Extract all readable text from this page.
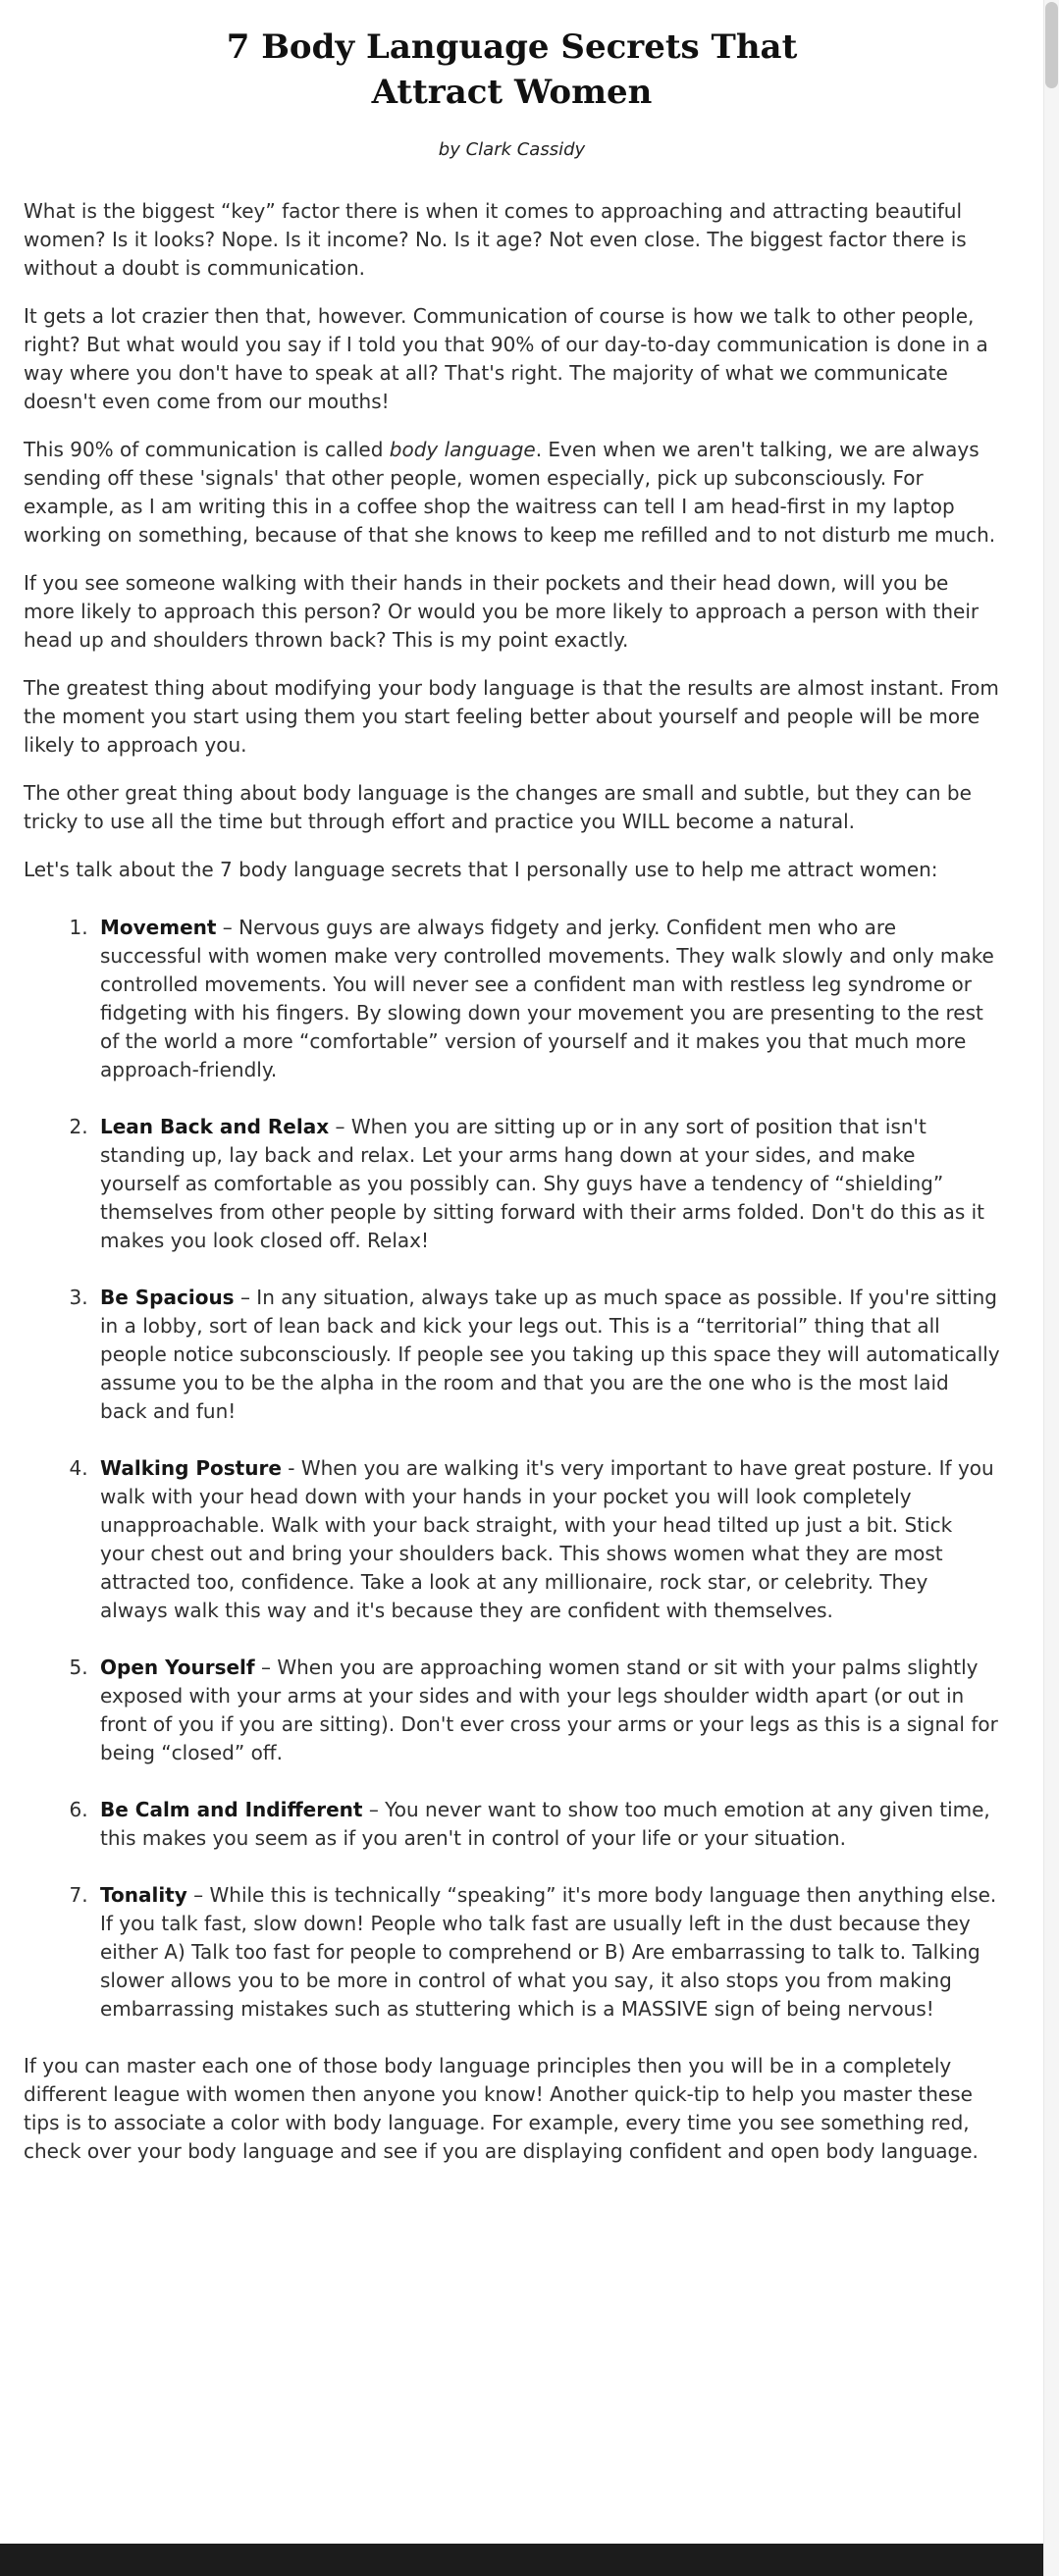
7 Body Language Secrets That Attract Women
by Clark Cassidy

What is the biggest “key” factor there is when it comes to approaching and attracting beautiful women? Is it looks? Nope. Is it income? No. Is it age? Not even close. The biggest factor there is without a doubt is communication.

It gets a lot crazier then that, however. Communication of course is how we talk to other people, right? But what would you say if I told you that 90% of our day-to-day communication is done in a way where you don't have to speak at all? That's right. The majority of what we communicate doesn't even come from our mouths!

This 90% of communication is called body language. Even when we aren't talking, we are always sending off these 'signals' that other people, women especially, pick up subconsciously. For example, as I am writing this in a coffee shop the waitress can tell I am head-first in my laptop working on something, because of that she knows to keep me refilled and to not disturb me much.

If you see someone walking with their hands in their pockets and their head down, will you be more likely to approach this person? Or would you be more likely to approach a person with their head up and shoulders thrown back? This is my point exactly.

The greatest thing about modifying your body language is that the results are almost instant. From the moment you start using them you start feeling better about yourself and people will be more likely to approach you.

The other great thing about body language is the changes are small and subtle, but they can be tricky to use all the time but through effort and practice you WILL become a natural.

Let's talk about the 7 body language secrets that I personally use to help me attract women:

1. Movement – Nervous guys are always fidgety and jerky. Confident men who are successful with women make very controlled movements. They walk slowly and only make controlled movements. You will never see a confident man with restless leg syndrome or fidgeting with his fingers. By slowing down your movement you are presenting to the rest of the world a more “comfortable” version of yourself and it makes you that much more approach-friendly.
2. Lean Back and Relax – When you are sitting up or in any sort of position that isn't standing up, lay back and relax. Let your arms hang down at your sides, and make yourself as comfortable as you possibly can. Shy guys have a tendency of “shielding” themselves from other people by sitting forward with their arms folded. Don't do this as it makes you look closed off. Relax!
3. Be Spacious – In any situation, always take up as much space as possible. If you're sitting in a lobby, sort of lean back and kick your legs out. This is a “territorial” thing that all people notice subconsciously. If people see you taking up this space they will automatically assume you to be the alpha in the room and that you are the one who is the most laid back and fun!
4. Walking Posture - When you are walking it's very important to have great posture. If you walk with your head down with your hands in your pocket you will look completely unapproachable. Walk with your back straight, with your head tilted up just a bit. Stick your chest out and bring your shoulders back. This shows women what they are most attracted too, confidence. Take a look at any millionaire, rock star, or celebrity. They always walk this way and it's because they are confident with themselves.
5. Open Yourself – When you are approaching women stand or sit with your palms slightly exposed with your arms at your sides and with your legs shoulder width apart (or out in front of you if you are sitting). Don't ever cross your arms or your legs as this is a signal for being “closed” off.
6. Be Calm and Indifferent – You never want to show too much emotion at any given time, this makes you seem as if you aren't in control of your life or your situation.
7. Tonality – While this is technically “speaking” it's more body language then anything else. If you talk fast, slow down! People who talk fast are usually left in the dust because they either A) Talk too fast for people to comprehend or B) Are embarrassing to talk to. Talking slower allows you to be more in control of what you say, it also stops you from making embarrassing mistakes such as stuttering which is a MASSIVE sign of being nervous!

If you can master each one of those body language principles then you will be in a completely different league with women then anyone you know! Another quick-tip to help you master these tips is to associate a color with body language. For example, every time you see something red, check over your body language and see if you are displaying confident and open body language.
